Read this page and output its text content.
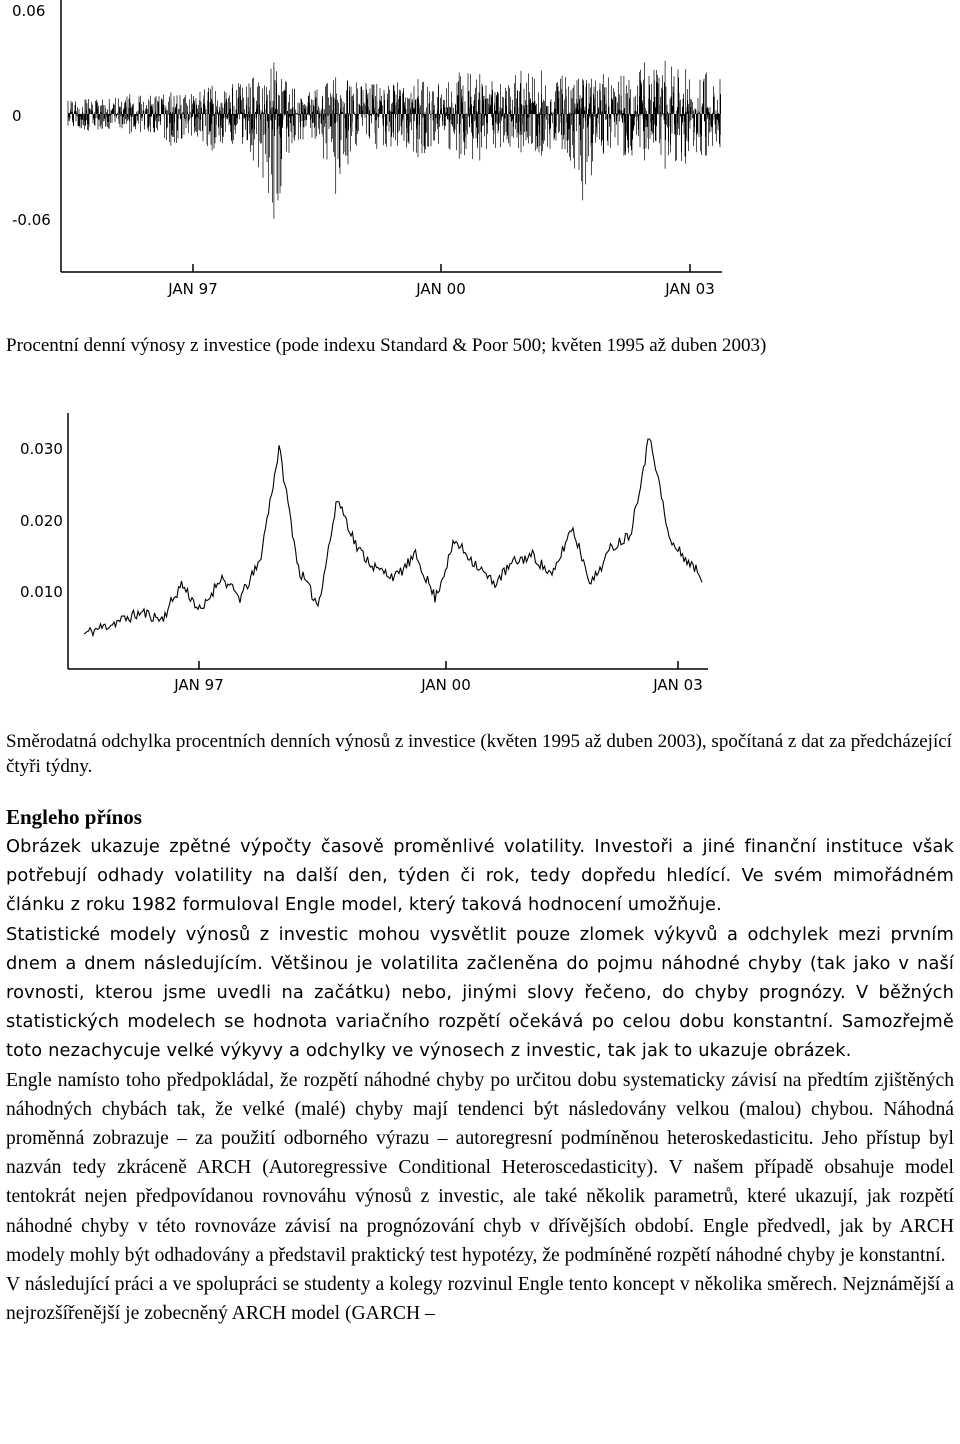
0.06
0
-0.06
JAN 97	JAN 00	JAN 03
Procentní denní výnosy z investice (pode indexu Standard & Poor 500; květen 1995 až duben 2003)
0.030
0.020
0.010
JAN 97	JAN 00	JAN 03
Směrodatná odchylka procentních denních výnosů z investice (květen 1995 až duben 2003), spočítaná z dat za předcházející čtyři týdny.
Engleho přínos

Obrázek ukazuje zpětné výpočty časově proměnlivé volatility. Investoři a jiné finanční instituce však potřebují odhady volatility na další den, týden či rok, tedy dopředu hledící. Ve svém mimořádném článku z roku 1982 formuloval Engle model, který taková hodnocení umožňuje.

Statistické modely výnosů z investic mohou vysvětlit pouze zlomek výkyvů a odchylek mezi prvním dnem a dnem následujícím. Většinou je volatilita začleněna do pojmu náhodné chyby (tak jako v naší rovnosti, kterou jsme uvedli na začátku) nebo, jinými slovy řečeno, do chyby prognózy. V běžných statistických modelech se hodnota variačního rozpětí očekává po celou dobu konstantní. Samozřejmě toto nezachycuje velké výkyvy a odchylky ve výnosech z investic, tak jak to ukazuje obrázek.

Engle namísto toho předpokládal, že rozpětí náhodné chyby po určitou dobu systematicky závisí na předtím zjištěných náhodných chybách tak, že velké (malé) chyby mají tendenci být následovány velkou (malou) chybou. Náhodná proměnná zobrazuje – za použití odborného výrazu – autoregresní podmíněnou heteroskedasticitu. Jeho přístup byl nazván tedy zkráceně ARCH (Autoregressive Conditional Heteroscedasticity). V našem případě obsahuje model tentokrát nejen předpovídanou rovnováhu výnosů z investic, ale také několik parametrů, které ukazují, jak rozpětí náhodné chyby v této rovnováze závisí na prognózování chyb v dřívějších období. Engle předvedl, jak by ARCH modely mohly být odhadovány a představil praktický test hypotézy, že podmíněné rozpětí náhodné chyby je konstantní.

V následující práci a ve spolupráci se studenty a kolegy rozvinul Engle tento koncept v několika směrech. Nejznámější a nejrozšířenější je zobecněný ARCH model (GARCH –
